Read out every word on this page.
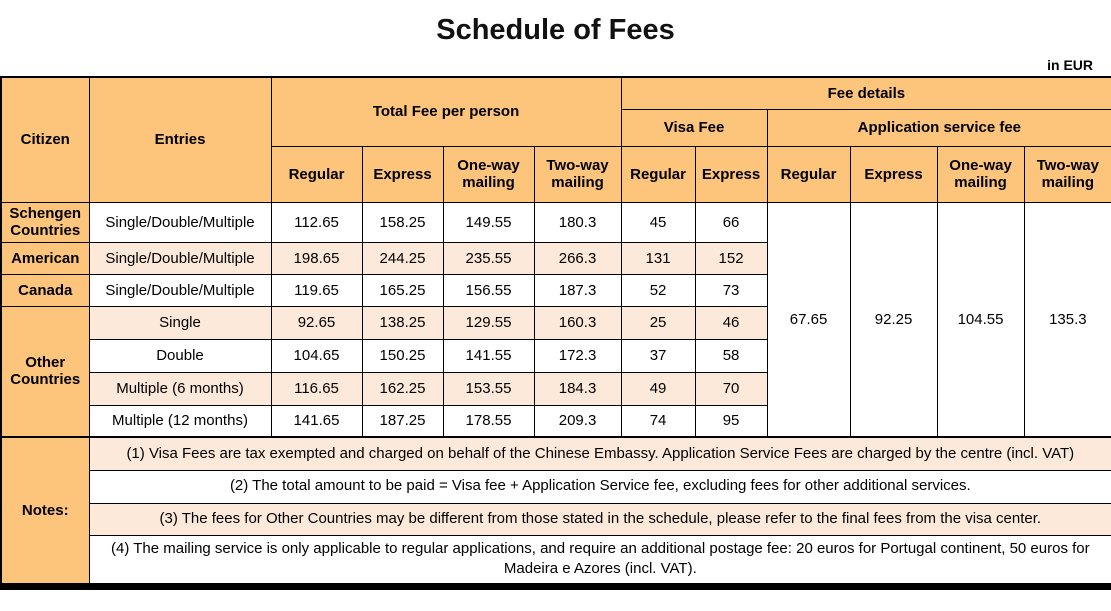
Schedule of Fees
in EUR
Citizen	Entries	Total Fee per person				Fee details					
						Visa Fee		Application service fee			
		Regular	Express	One-way mailing	Two-way mailing	Regular	Express	Regular	Express	One-way mailing	Two-way mailing
Schengen Countries	Single/Double/Multiple	112.65	158.25	149.55	180.3	45	66	67.65	92.25	104.55	135.3
American	Single/Double/Multiple	198.65	244.25	235.55	266.3	131	152				
Canada	Single/Double/Multiple	119.65	165.25	156.55	187.3	52	73				
Other Countries	Single	92.65	138.25	129.55	160.3	25	46				
	Double	104.65	150.25	141.55	172.3	37	58				
	Multiple (6 months)	116.65	162.25	153.55	184.3	49	70				
	Multiple (12 months)	141.65	187.25	178.55	209.3	74	95				
Notes:	(1) Visa Fees are tax exempted and charged on behalf of the Chinese Embassy. Application Service Fees are charged by the centre (incl. VAT)										
	(2) The total amount to be paid = Visa fee + Application Service fee, excluding fees for other additional services.										
	(3) The fees for Other Countries may be different from those stated in the schedule, please refer to the final fees from the visa center.										
	(4) The mailing service is only applicable to regular applications, and require an additional postage fee: 20 euros for Portugal continent, 50 euros for Madeira e Azores (incl. VAT).										
